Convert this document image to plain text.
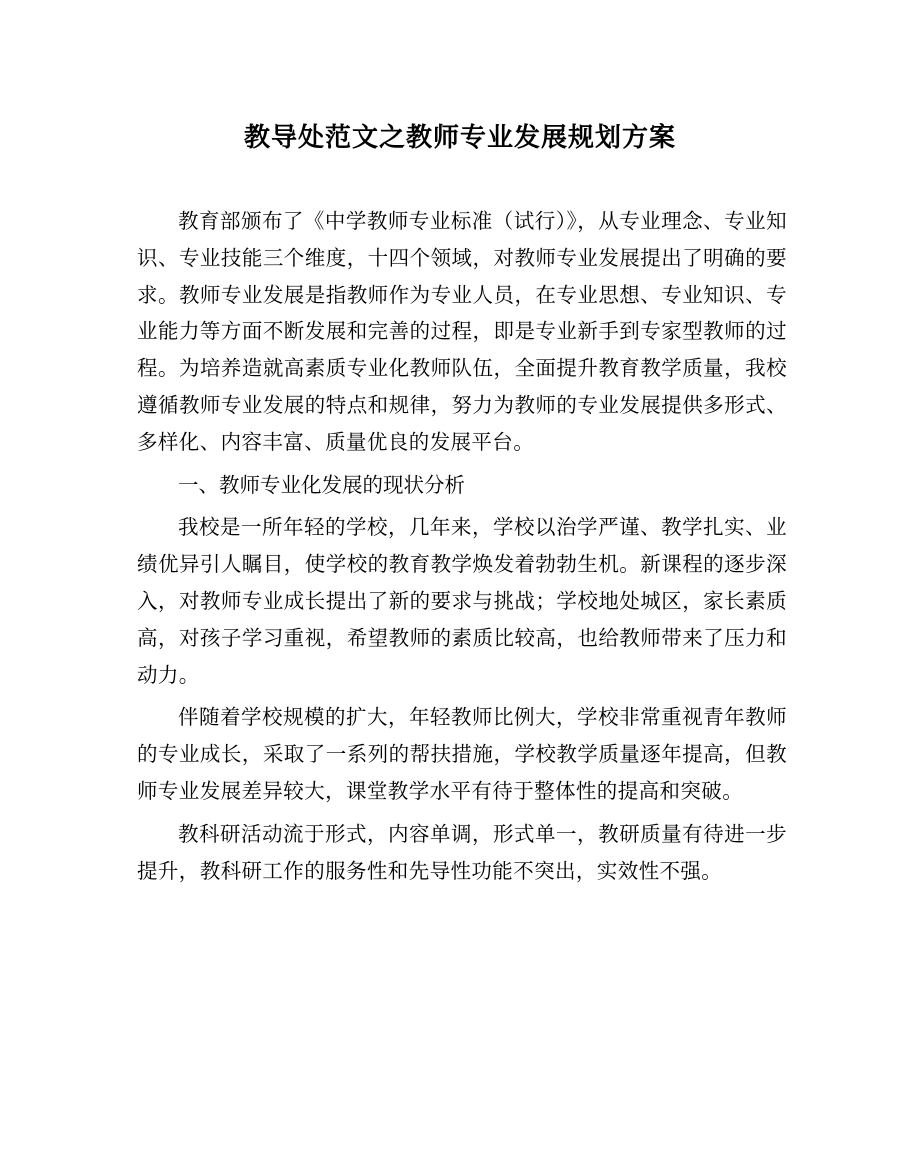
教导处范文之教师专业发展规划方案

教育部颁布了《中学教师专业标准（试行）》，从专业理念、专业知识、专业技能三个维度，十四个领域，对教师专业发展提出了明确的要求。教师专业发展是指教师作为专业人员，在专业思想、专业知识、专业能力等方面不断发展和完善的过程，即是专业新手到专家型教师的过程。为培养造就高素质专业化教师队伍，全面提升教育教学质量，我校遵循教师专业发展的特点和规律，努力为教师的专业发展提供多形式、多样化、内容丰富、质量优良的发展平台。

一、教师专业化发展的现状分析

我校是一所年轻的学校，几年来，学校以治学严谨、教学扎实、业绩优异引人瞩目，使学校的教育教学焕发着勃勃生机。新课程的逐步深入，对教师专业成长提出了新的要求与挑战；学校地处城区，家长素质高，对孩子学习重视，希望教师的素质比较高，也给教师带来了压力和动力。

伴随着学校规模的扩大，年轻教师比例大，学校非常重视青年教师的专业成长，采取了一系列的帮扶措施，学校教学质量逐年提高，但教师专业发展差异较大，课堂教学水平有待于整体性的提高和突破。

教科研活动流于形式，内容单调，形式单一，教研质量有待进一步提升，教科研工作的服务性和先导性功能不突出，实效性不强。
